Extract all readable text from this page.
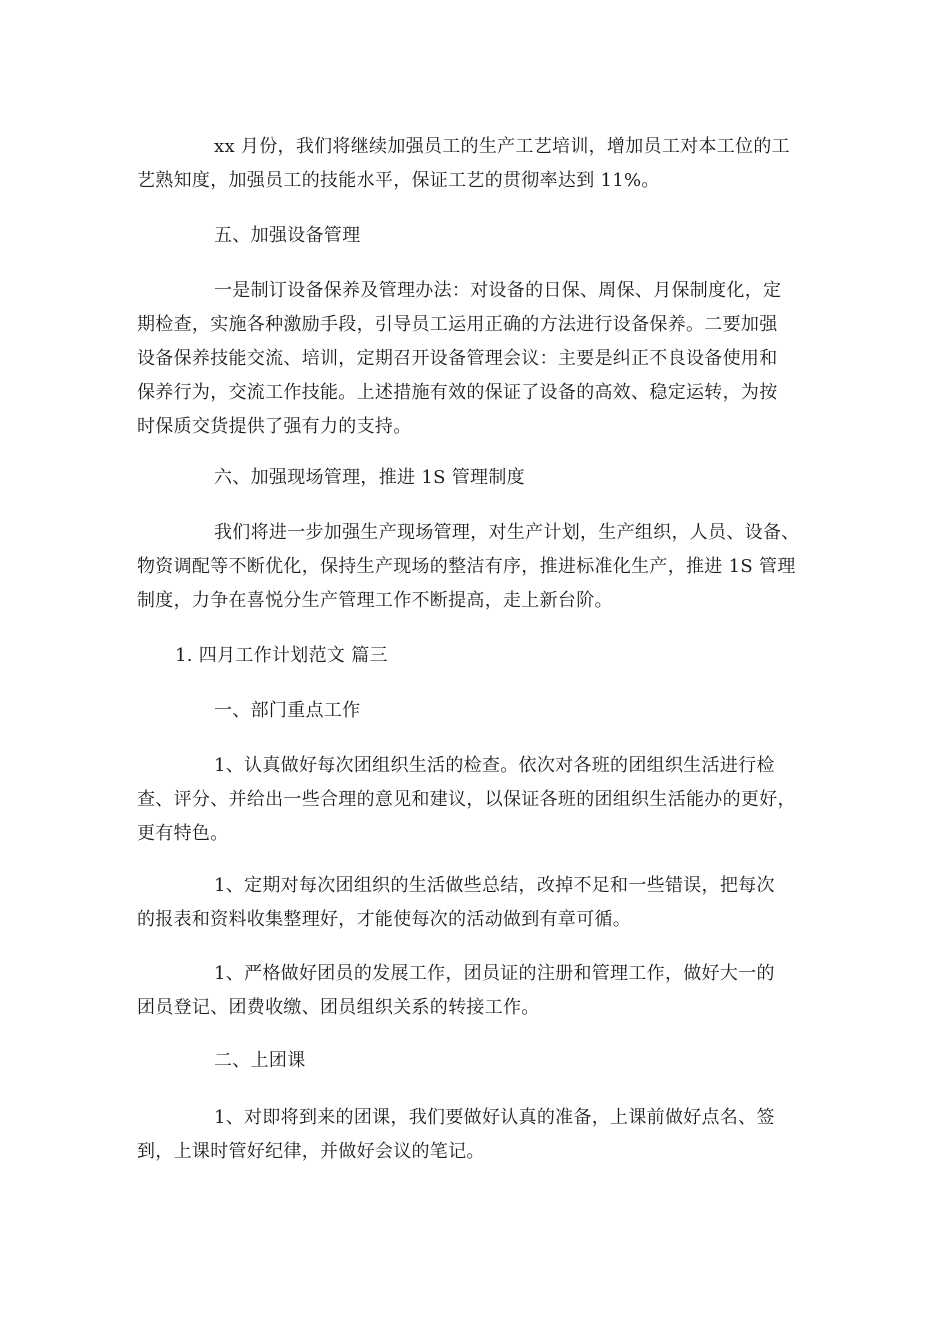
xx 月份，我们将继续加强员工的生产工艺培训，增加员工对本工位的工
艺熟知度，加强员工的技能水平，保证工艺的贯彻率达到 11%。
五、加强设备管理
一是制订设备保养及管理办法：对设备的日保、周保、月保制度化，定
期检查，实施各种激励手段，引导员工运用正确的方法进行设备保养。二要加强
设备保养技能交流、培训，定期召开设备管理会议：主要是纠正不良设备使用和
保养行为，交流工作技能。上述措施有效的保证了设备的高效、稳定运转，为按
时保质交货提供了强有力的支持。
六、加强现场管理，推进 1S 管理制度
我们将进一步加强生产现场管理，对生产计划，生产组织，人员、设备、
物资调配等不断优化，保持生产现场的整洁有序，推进标准化生产，推进 1S 管理
制度，力争在喜悦分生产管理工作不断提高，走上新台阶。
1. 四月工作计划范文 篇三
一、部门重点工作
1、认真做好每次团组织生活的检查。依次对各班的团组织生活进行检
查、评分、并给出一些合理的意见和建议，以保证各班的团组织生活能办的更好，
更有特色。
1、定期对每次团组织的生活做些总结，改掉不足和一些错误，把每次
的报表和资料收集整理好，才能使每次的活动做到有章可循。
1、严格做好团员的发展工作，团员证的注册和管理工作，做好大一的
团员登记、团费收缴、团员组织关系的转接工作。
二、上团课
1、对即将到来的团课，我们要做好认真的准备，上课前做好点名、签
到，上课时管好纪律，并做好会议的笔记。
